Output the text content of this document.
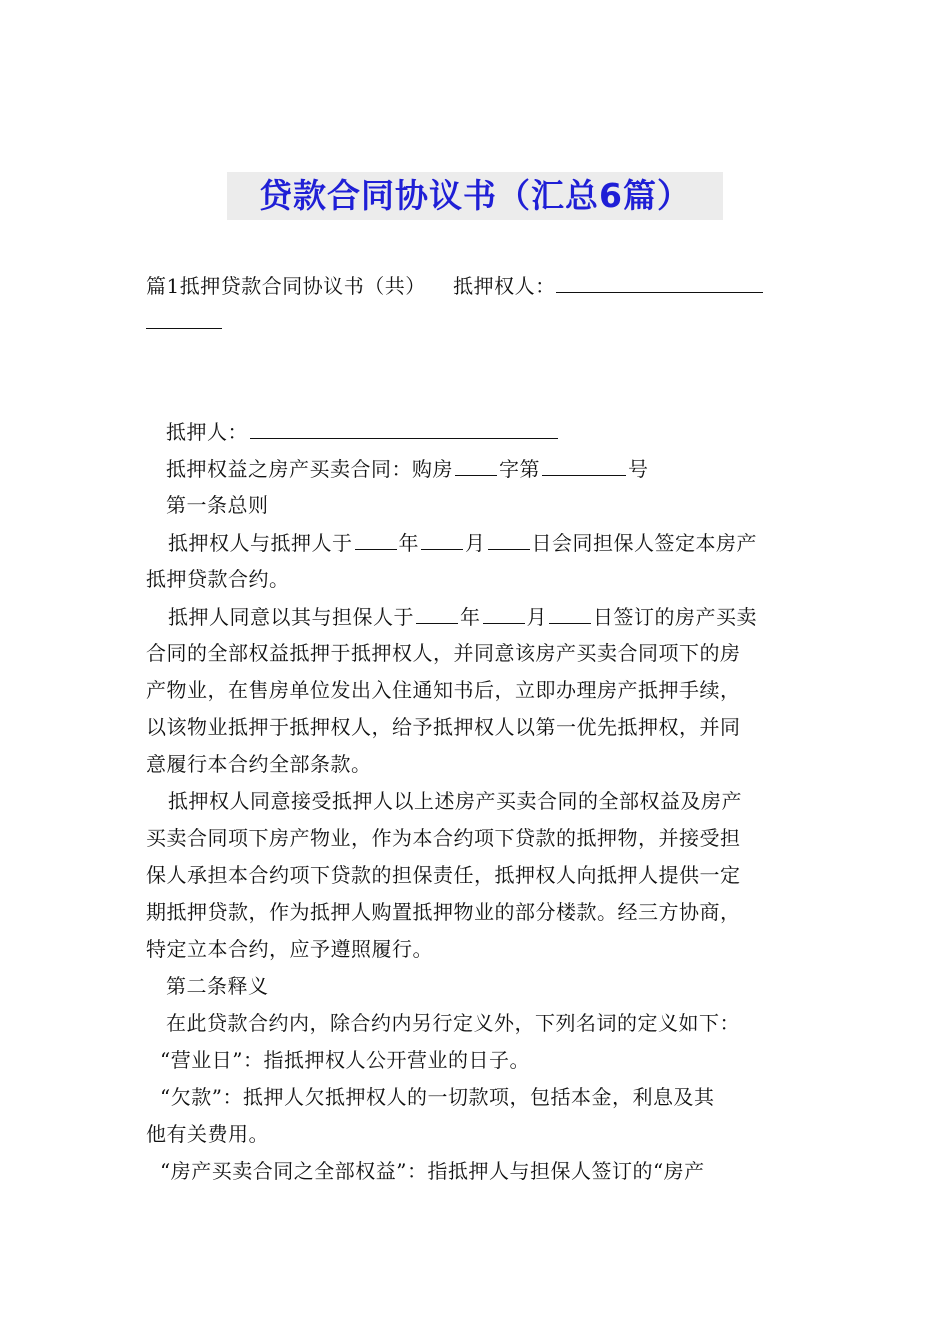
贷款合同协议书（汇总6篇）
篇1抵押贷款合同协议书（共）    抵押权人：
抵押人：
抵押权益之房产买卖合同：购房 字第	号
第一条总则
抵押权人与抵押人于 年 月 日会同担保人签定本房产
抵押贷款合约。
抵押人同意以其与担保人于 年 月 日签订的房产买卖
合同的全部权益抵押于抵押权人，并同意该房产买卖合同项下的房
产物业，在售房单位发出入住通知书后，立即办理房产抵押手续，
以该物业抵押于抵押权人，给予抵押权人以第一优先抵押权，并同
意履行本合约全部条款。
抵押权人同意接受抵押人以上述房产买卖合同的全部权益及房产
买卖合同项下房产物业，作为本合约项下贷款的抵押物，并接受担
保人承担本合约项下贷款的担保责任，抵押权人向抵押人提供一定
期抵押贷款，作为抵押人购置抵押物业的部分楼款。经三方协商，
特定立本合约，应予遵照履行。
第二条释义
在此贷款合约内，除合约内另行定义外，下列名词的定义如下：
“营业日”：指抵押权人公开营业的日子。
“欠款”：抵押人欠抵押权人的一切款项，包括本金，利息及其
他有关费用。
“房产买卖合同之全部权益”：指抵押人与担保人签订的“房产
